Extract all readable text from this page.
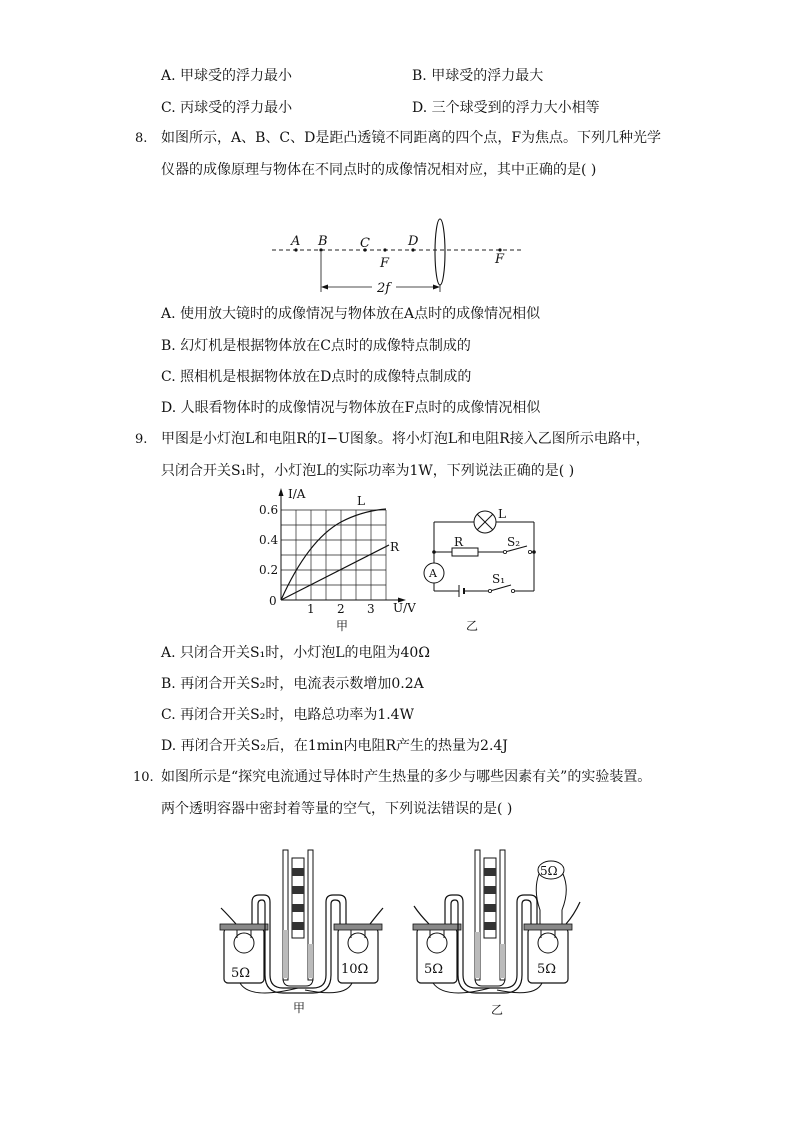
A. 甲球受的浮力最小	B. 甲球受的浮力最大
C. 丙球受的浮力最小	D. 三个球受到的浮力大小相等
8. 如图所示，A、B、C、D是距凸透镜不同距离的四个点，F为焦点。下列几种光学
仪器的成像原理与物体在不同点时的成像情况相对应，其中正确的是( )
A B C
F
D
F
2f
A. 使用放大镜时的成像情况与物体放在A点时的成像情况相似
B. 幻灯机是根据物体放在C点时的成像特点制成的
C. 照相机是根据物体放在D点时的成像特点制成的
D. 人眼看物体时的成像情况与物体放在F点时的成像情况相似
9. 甲图是小灯泡L和电阻R的I−U图象。将小灯泡L和电阻R接入乙图所示电路中，
只闭合开关S₁时，小灯泡L的实际功率为1W，下列说法正确的是( )
I/A
U/V
0.6
0.4
0.2
0
1 2 3
L
R
甲
L
R	S₂
S₁
A
乙
A. 只闭合开关S₁时，小灯泡L的电阻为40Ω
B. 再闭合开关S₂时，电流表示数增加0.2A
C. 再闭合开关S₂时，电路总功率为1.4W
D. 再闭合开关S₂后，在1min内电阻R产生的热量为2.4J
10. 如图所示是“探究电流通过导体时产生热量的多少与哪些因素有关”的实验装置。
两个透明容器中密封着等量的空气，下列说法错误的是( )
5Ω	10Ω
甲
5Ω
5Ω	5Ω
乙
